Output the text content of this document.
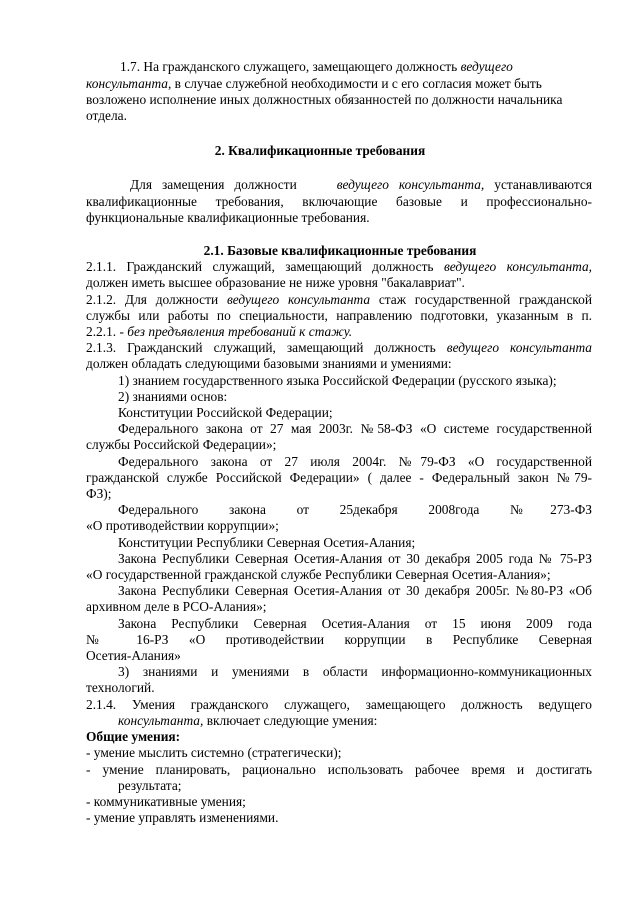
1.7. На гражданского служащего, замещающего должность ведущего
консультанта, в случае служебной необходимости и с его согласия может быть
возложено исполнение иных должностных обязанностей по должности начальника
отдела.
2. Квалификационные требования
Для замещения должности	ведущего консультанта, устанавливаются
квалификационные требования, включающие базовые и профессионально-
функциональные квалификационные требования.
2.1. Базовые квалификационные требования
2.1.1. Гражданский служащий, замещающий должность ведущего консультанта,
должен иметь высшее образование не ниже уровня "бакалавриат".
2.1.2. Для должности ведущего консультанта стаж государственной гражданской
службы или работы по специальности, направлению подготовки, указанным в п.
2.2.1. - без предъявления требований к стажу.
2.1.3. Гражданский служащий, замещающий должность ведущего консультанта
должен обладать следующими базовыми знаниями и умениями:
1) знанием государственного языка Российской Федерации (русского языка);
2) знаниями основ:
Конституции Российской Федерации;
Федерального закона от 27 мая 2003г. №58-ФЗ «О системе государственной
службы Российской Федерации»;
Федерального закона от 27 июля 2004г. №79-ФЗ «О государственной
гражданской службе Российской Федерации» ( далее - Федеральный закон №79-
ФЗ);
Федерального закона от 25декабря 2008года №273-ФЗ
«О противодействии коррупции»;
Конституции Республики Северная Осетия-Алания;
Закона Республики Северная Осетия-Алания от 30 декабря 2005 года № 75-РЗ
«О государственной гражданской службе Республики Северная Осетия-Алания»;
Закона Республики Северная Осетия-Алания от 30 декабря 2005г. №80-РЗ «Об
архивном деле в РСО-Алания»;
Закона Республики Северная Осетия-Алания от 15 июня 2009 года
№ 16-РЗ «О противодействии коррупции в Республике Северная
Осетия-Алания»
3) знаниями и умениями в области информационно-коммуникационных
технологий.
2.1.4. Умения гражданского служащего, замещающего должность ведущего
консультанта, включает следующие умения:
Общие умения:
- умение мыслить системно (стратегически);
- умение планировать, рационально использовать рабочее время и достигать
результата;
- коммуникативные умения;
- умение управлять изменениями.
